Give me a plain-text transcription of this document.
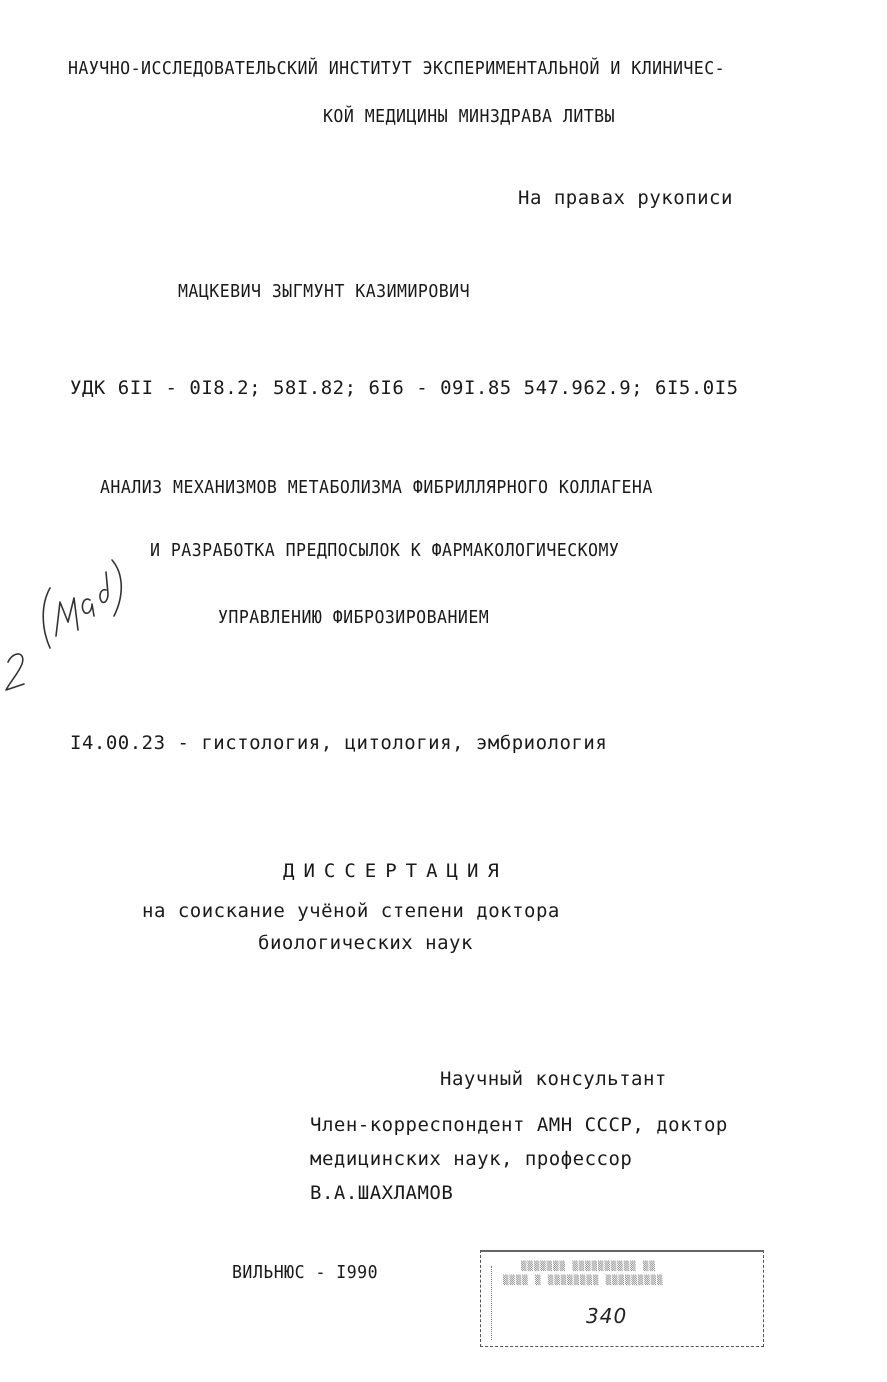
НАУЧНО-ИССЛЕДОВАТЕЛЬСКИЙ ИНСТИТУТ ЭКСПЕРИМЕНТАЛЬНОЙ И КЛИНИЧЕС-
КОЙ МЕДИЦИНЫ МИНЗДРАВА ЛИТВЫ
На правах рукописи
МАЦКЕВИЧ ЗЫГМУНТ КАЗИМИРОВИЧ
УДК 6II - 0I8.2; 58I.82; 6I6 - 09I.85 547.962.9; 6I5.0I5
АНАЛИЗ МЕХАНИЗМОВ МЕТАБОЛИЗМА ФИБРИЛЛЯРНОГО КОЛЛАГЕНА
И РАЗРАБОТКА ПРЕДПОСЫЛОК К ФАРМАКОЛОГИЧЕСКОМУ
УПРАВЛЕНИЮ ФИБРОЗИРОВАНИЕМ
I4.00.23 - гистология, цитология, эмбриология
ДИССЕРТАЦИЯ
на соискание учёной степени доктора
биологических наук
Научный консультант
Член-корреспондент АМН СССР, доктор
медицинских наук, профессор
В.А.ШАХЛАМОВ
ВИЛЬНЮС - I990	▒▒▒▒▒▒▒ ▒▒▒▒▒▒▒▒▒▒ ▒▒
▒▒▒▒ ▒ ▒▒▒▒▒▒▒▒ ▒▒▒▒▒▒▒▒▒
340
